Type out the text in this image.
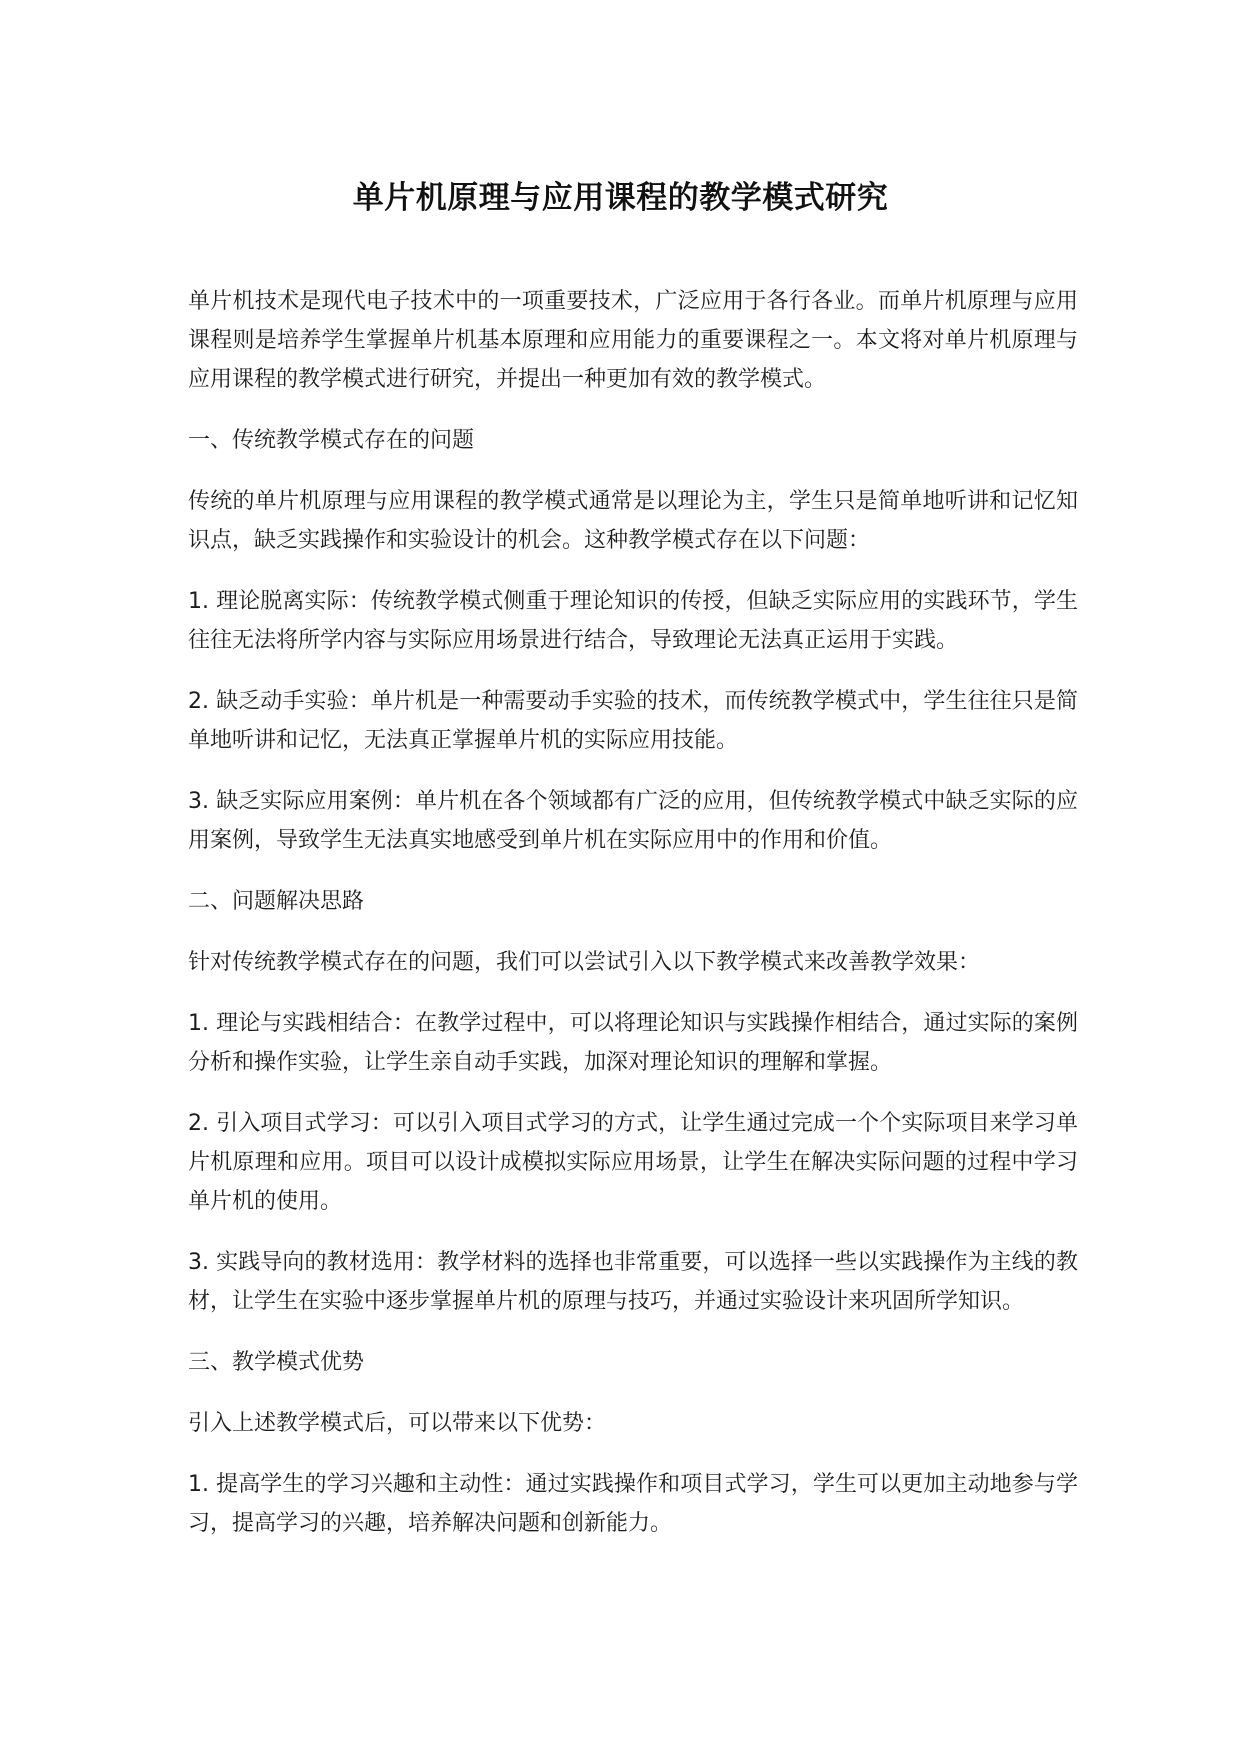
单片机原理与应用课程的教学模式研究

单片机技术是现代电子技术中的一项重要技术，广泛应用于各行各业。而单片机原理与应用课程则是培养学生掌握单片机基本原理和应用能力的重要课程之一。本文将对单片机原理与应用课程的教学模式进行研究，并提出一种更加有效的教学模式。

一、传统教学模式存在的问题

传统的单片机原理与应用课程的教学模式通常是以理论为主，学生只是简单地听讲和记忆知识点，缺乏实践操作和实验设计的机会。这种教学模式存在以下问题：

1. 理论脱离实际：传统教学模式侧重于理论知识的传授，但缺乏实际应用的实践环节，学生往往无法将所学内容与实际应用场景进行结合，导致理论无法真正运用于实践。

2. 缺乏动手实验：单片机是一种需要动手实验的技术，而传统教学模式中，学生往往只是简单地听讲和记忆，无法真正掌握单片机的实际应用技能。

3. 缺乏实际应用案例：单片机在各个领域都有广泛的应用，但传统教学模式中缺乏实际的应用案例，导致学生无法真实地感受到单片机在实际应用中的作用和价值。

二、问题解决思路

针对传统教学模式存在的问题，我们可以尝试引入以下教学模式来改善教学效果：

1. 理论与实践相结合：在教学过程中，可以将理论知识与实践操作相结合，通过实际的案例分析和操作实验，让学生亲自动手实践，加深对理论知识的理解和掌握。

2. 引入项目式学习：可以引入项目式学习的方式，让学生通过完成一个个实际项目来学习单片机原理和应用。项目可以设计成模拟实际应用场景，让学生在解决实际问题的过程中学习单片机的使用。

3. 实践导向的教材选用：教学材料的选择也非常重要，可以选择一些以实践操作为主线的教材，让学生在实验中逐步掌握单片机的原理与技巧，并通过实验设计来巩固所学知识。

三、教学模式优势

引入上述教学模式后，可以带来以下优势：

1. 提高学生的学习兴趣和主动性：通过实践操作和项目式学习，学生可以更加主动地参与学习，提高学习的兴趣，培养解决问题和创新能力。
